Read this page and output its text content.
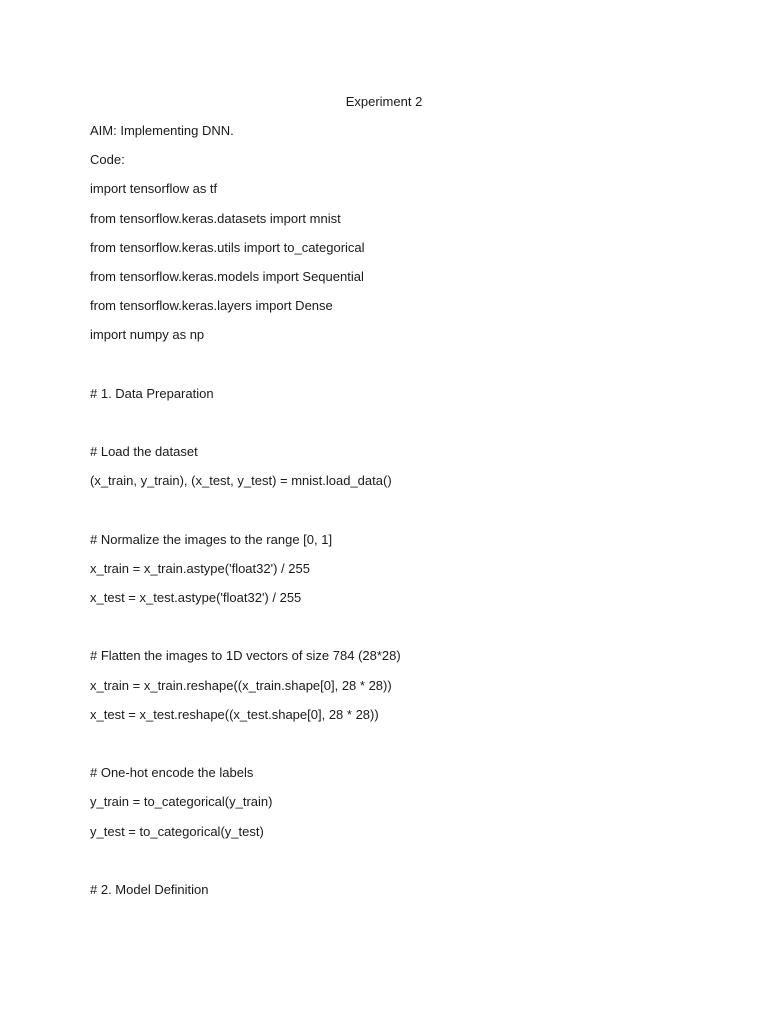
Experiment 2
AIM: Implementing DNN.
Code:
import tensorflow as tf
from tensorflow.keras.datasets import mnist
from tensorflow.keras.utils import to_categorical
from tensorflow.keras.models import Sequential
from tensorflow.keras.layers import Dense
import numpy as np
# 1. Data Preparation
# Load the dataset
(x_train, y_train), (x_test, y_test) = mnist.load_data()
# Normalize the images to the range [0, 1]
x_train = x_train.astype('float32') / 255
x_test = x_test.astype('float32') / 255
# Flatten the images to 1D vectors of size 784 (28*28)
x_train = x_train.reshape((x_train.shape[0], 28 * 28))
x_test = x_test.reshape((x_test.shape[0], 28 * 28))
# One-hot encode the labels
y_train = to_categorical(y_train)
y_test = to_categorical(y_test)
# 2. Model Definition
